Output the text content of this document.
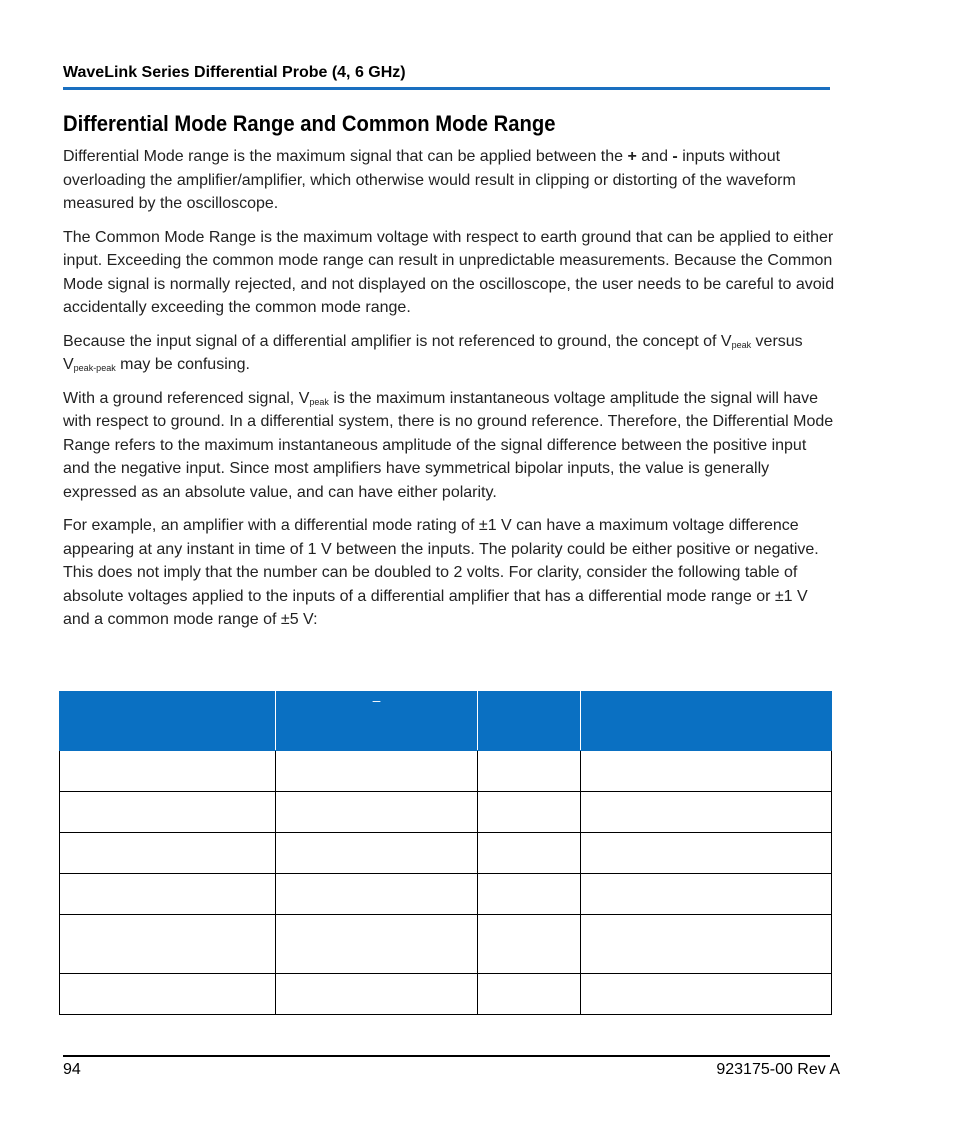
WaveLink Series Differential Probe (4, 6 GHz)
Differential Mode Range and Common Mode Range

Differential Mode range is the maximum signal that can be applied between the + and - inputs without overloading the amplifier/amplifier, which otherwise would result in clipping or distorting of the waveform measured by the oscilloscope.

The Common Mode Range is the maximum voltage with respect to earth ground that can be applied to either input. Exceeding the common mode range can result in unpredictable measurements. Because the Common Mode signal is normally rejected, and not displayed on the oscilloscope, the user needs to be careful to avoid accidentally exceeding the common mode range.

Because the input signal of a differential amplifier is not referenced to ground, the concept of $V_{peak}$ versus $V_{peak-peak}$ may be confusing.

With a ground referenced signal, $V_{peak}$ is the maximum instantaneous voltage amplitude the signal will have with respect to ground. In a differential system, there is no ground reference. Therefore, the Differential Mode Range refers to the maximum instantaneous amplitude of the signal difference between the positive input and the negative input. Since most amplifiers have symmetrical bipolar inputs, the value is generally expressed as an absolute value, and can have either polarity.

For example, an amplifier with a differential mode rating of ±1 V can have a maximum voltage difference appearing at any instant in time of 1 V between the inputs. The polarity could be either positive or negative. This does not imply that the number can be doubled to 2 volts. For clarity, consider the following table of absolute voltages applied to the inputs of a differential amplifier that has a differential mode range or ±1 V and a common mode range of ±5 V:

	–		

94	923175-00 Rev A
